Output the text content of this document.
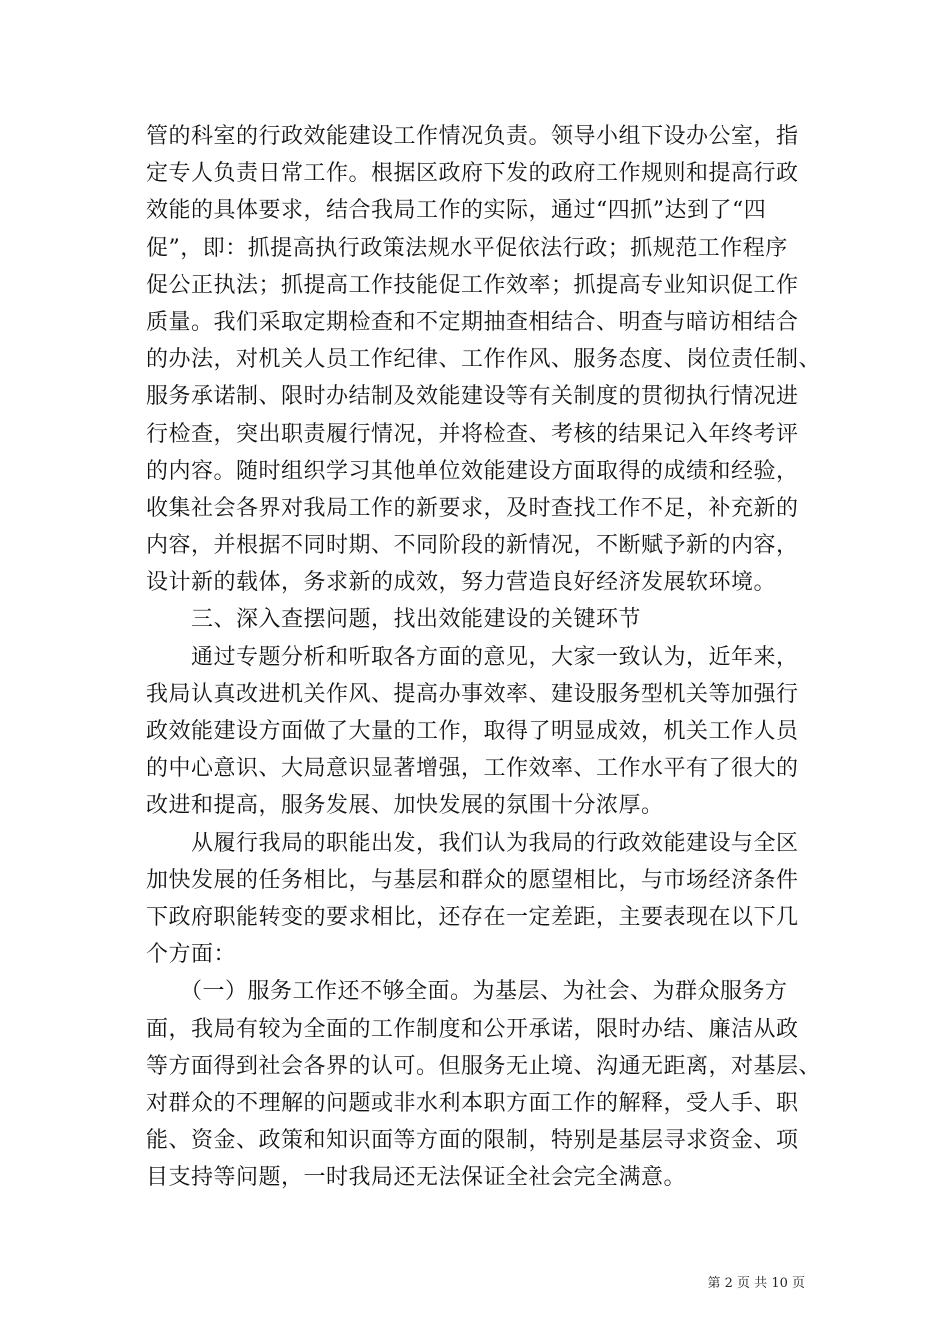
管的科室的行政效能建设工作情况负责。领导小组下设办公室，指
定专人负责日常工作。根据区政府下发的政府工作规则和提高行政
效能的具体要求，结合我局工作的实际，通过“四抓”达到了“四
促”，即：抓提高执行政策法规水平促依法行政；抓规范工作程序
促公正执法；抓提高工作技能促工作效率；抓提高专业知识促工作
质量。我们采取定期检查和不定期抽查相结合、明查与暗访相结合
的办法，对机关人员工作纪律、工作作风、服务态度、岗位责任制、
服务承诺制、限时办结制及效能建设等有关制度的贯彻执行情况进
行检查，突出职责履行情况，并将检查、考核的结果记入年终考评
的内容。随时组织学习其他单位效能建设方面取得的成绩和经验，
收集社会各界对我局工作的新要求，及时查找工作不足，补充新的
内容，并根据不同时期、不同阶段的新情况，不断赋予新的内容，
设计新的载体，务求新的成效，努力营造良好经济发展软环境。
　　三、深入查摆问题，找出效能建设的关键环节
　　通过专题分析和听取各方面的意见，大家一致认为，近年来，
我局认真改进机关作风、提高办事效率、建设服务型机关等加强行
政效能建设方面做了大量的工作，取得了明显成效，机关工作人员
的中心意识、大局意识显著增强，工作效率、工作水平有了很大的
改进和提高，服务发展、加快发展的氛围十分浓厚。
　　从履行我局的职能出发，我们认为我局的行政效能建设与全区
加快发展的任务相比，与基层和群众的愿望相比，与市场经济条件
下政府职能转变的要求相比，还存在一定差距，主要表现在以下几
个方面：
　　（一）服务工作还不够全面。为基层、为社会、为群众服务方
面，我局有较为全面的工作制度和公开承诺，限时办结、廉洁从政
等方面得到社会各界的认可。但服务无止境、沟通无距离，对基层、
对群众的不理解的问题或非水利本职方面工作的解释，受人手、职
能、资金、政策和知识面等方面的限制，特别是基层寻求资金、项
目支持等问题，一时我局还无法保证全社会完全满意。
第 2 页 共 10 页
